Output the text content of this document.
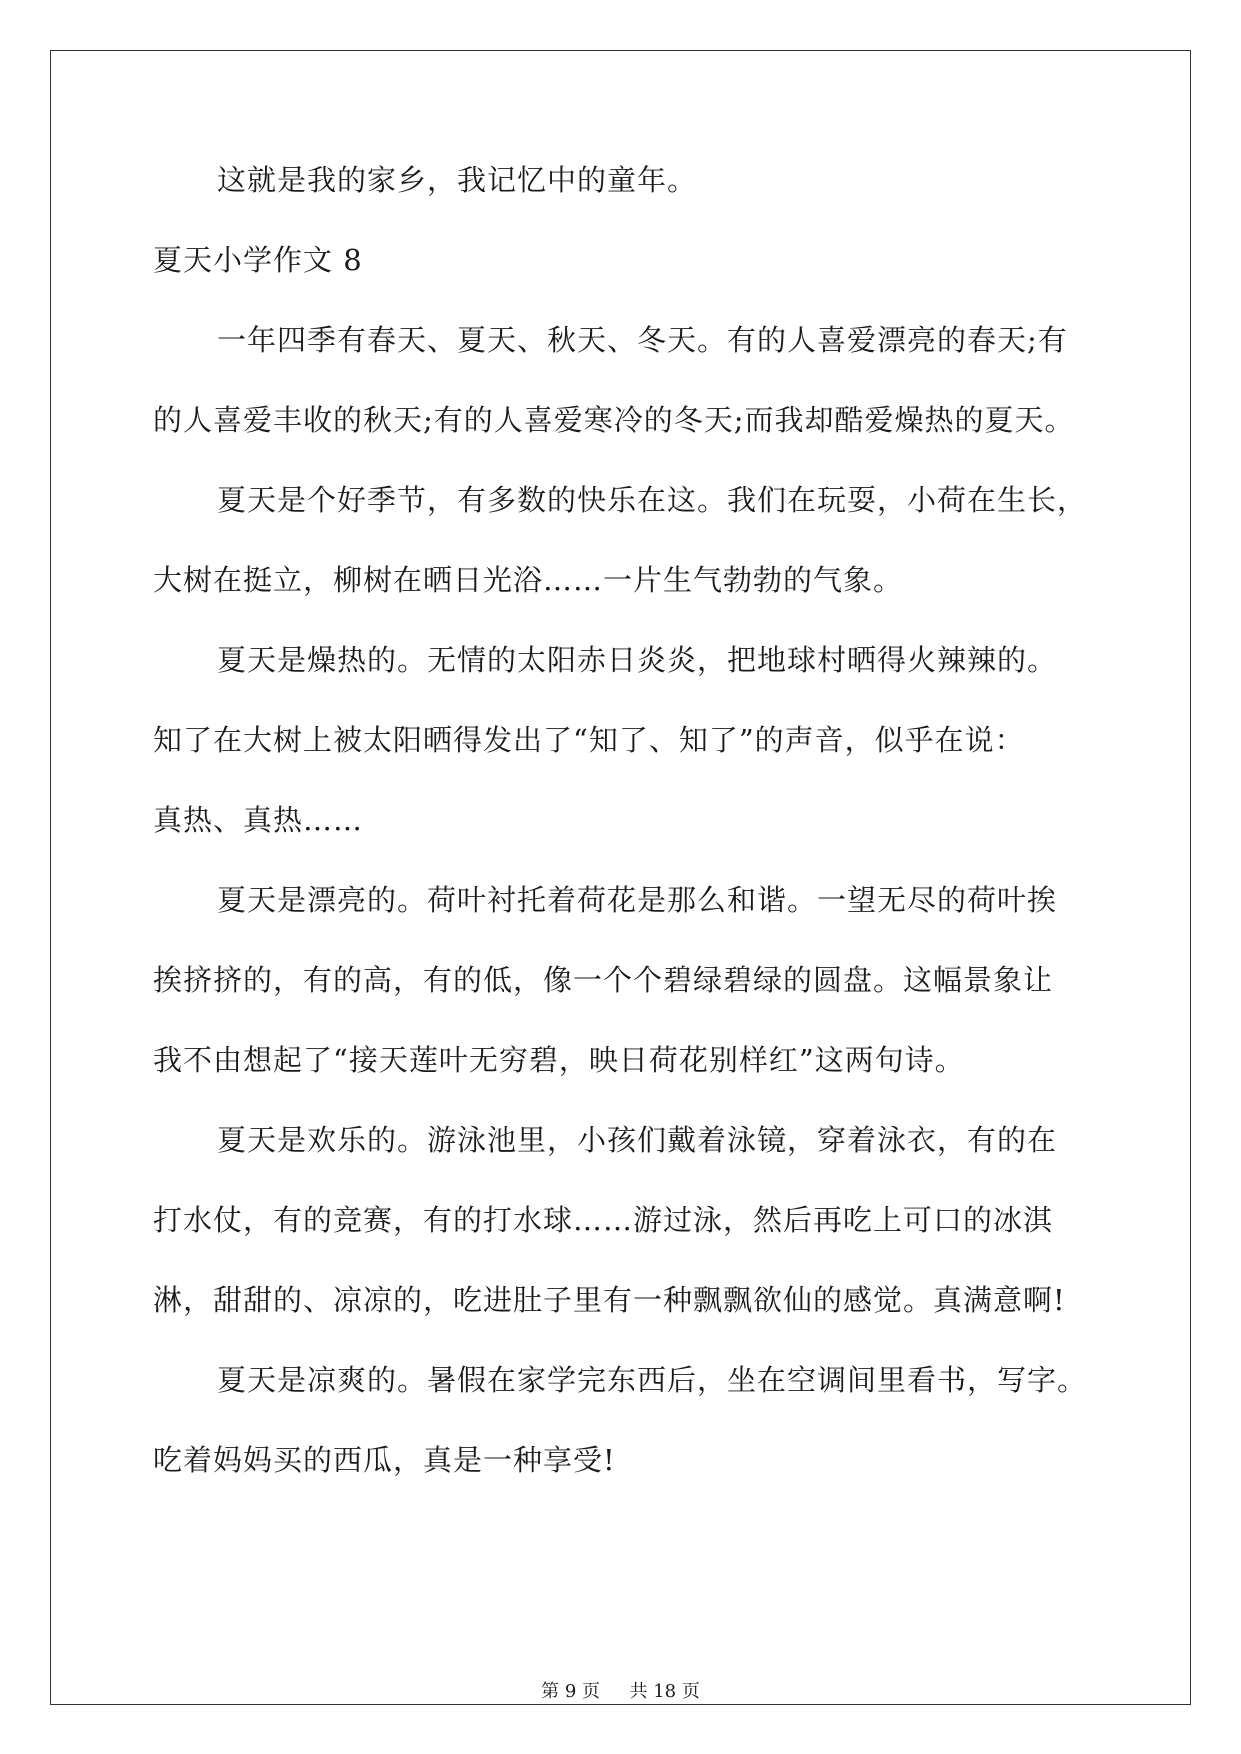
这就是我的家乡，我记忆中的童年。
夏天小学作文 8
一年四季有春天、夏天、秋天、冬天。有的人喜爱漂亮的春天;有
的人喜爱丰收的秋天;有的人喜爱寒冷的冬天;而我却酷爱燥热的夏天。
夏天是个好季节，有多数的快乐在这。我们在玩耍，小荷在生长，
大树在挺立，柳树在晒日光浴……一片生气勃勃的气象。
夏天是燥热的。无情的太阳赤日炎炎，把地球村晒得火辣辣的。
知了在大树上被太阳晒得发出了“知了、知了”的声音，似乎在说：
真热、真热……
夏天是漂亮的。荷叶衬托着荷花是那么和谐。一望无尽的荷叶挨
挨挤挤的，有的高，有的低，像一个个碧绿碧绿的圆盘。这幅景象让
我不由想起了“接天莲叶无穷碧，映日荷花别样红”这两句诗。
夏天是欢乐的。游泳池里，小孩们戴着泳镜，穿着泳衣，有的在
打水仗，有的竞赛，有的打水球……游过泳，然后再吃上可口的冰淇
淋，甜甜的、凉凉的，吃进肚子里有一种飘飘欲仙的感觉。真满意啊!
夏天是凉爽的。暑假在家学完东西后，坐在空调间里看书，写字。
吃着妈妈买的西瓜，真是一种享受!
第 9 页 共 18 页
